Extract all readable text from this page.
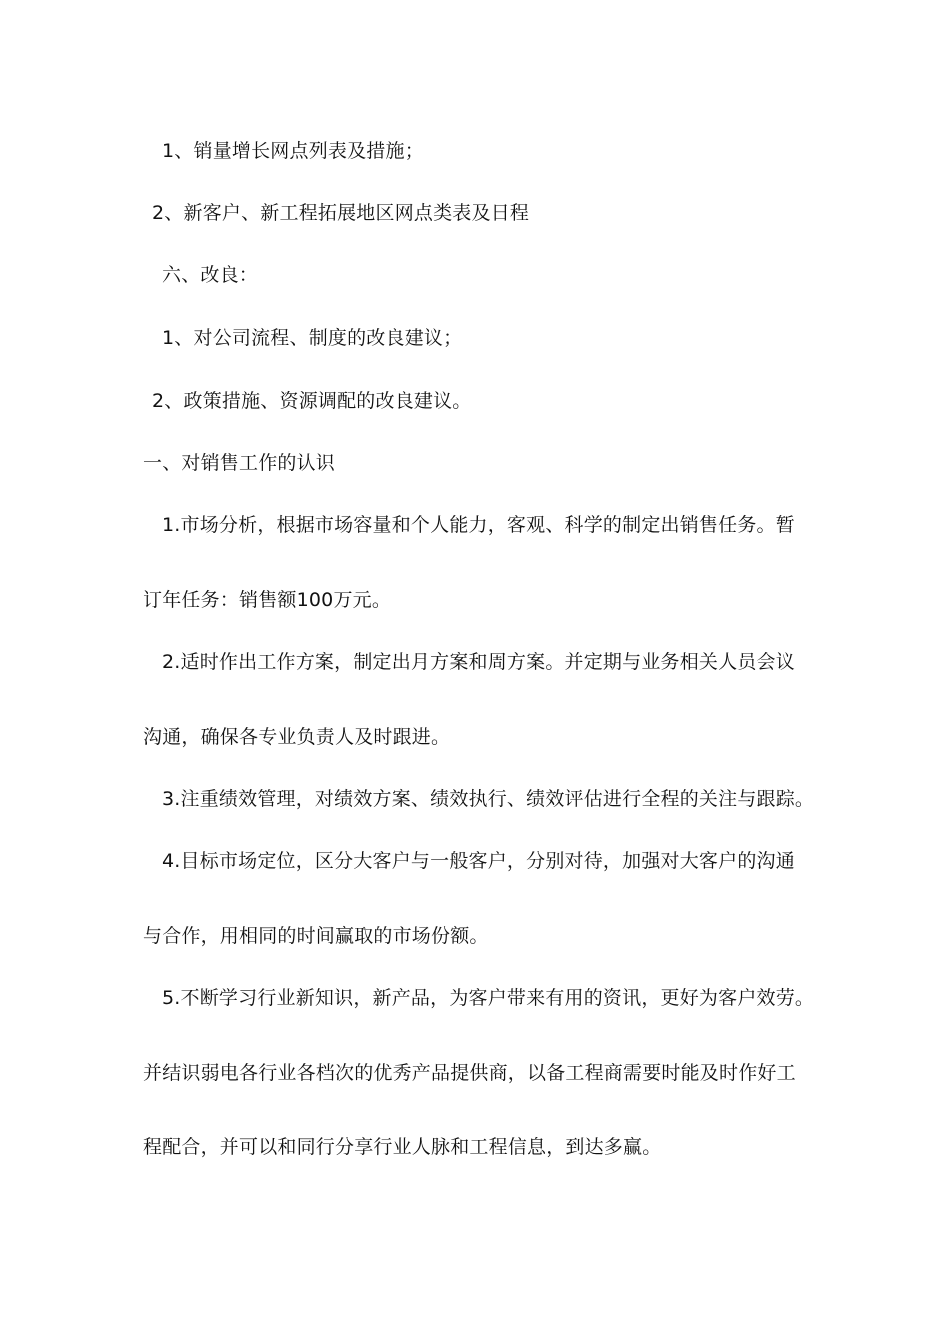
1、销量增长网点列表及措施；
2、新客户、新工程拓展地区网点类表及日程
六、改良：
1、对公司流程、制度的改良建议；
2、政策措施、资源调配的改良建议。
一、对销售工作的认识
1.市场分析，根据市场容量和个人能力，客观、科学的制定出销售任务。暂
订年任务：销售额100万元。
2.适时作出工作方案，制定出月方案和周方案。并定期与业务相关人员会议
沟通，确保各专业负责人及时跟进。
3.注重绩效管理，对绩效方案、绩效执行、绩效评估进行全程的关注与跟踪。
4.目标市场定位，区分大客户与一般客户，分别对待，加强对大客户的沟通
与合作，用相同的时间赢取的市场份额。
5.不断学习行业新知识，新产品，为客户带来有用的资讯，更好为客户效劳。
并结识弱电各行业各档次的优秀产品提供商，以备工程商需要时能及时作好工
程配合，并可以和同行分享行业人脉和工程信息，到达多赢。
